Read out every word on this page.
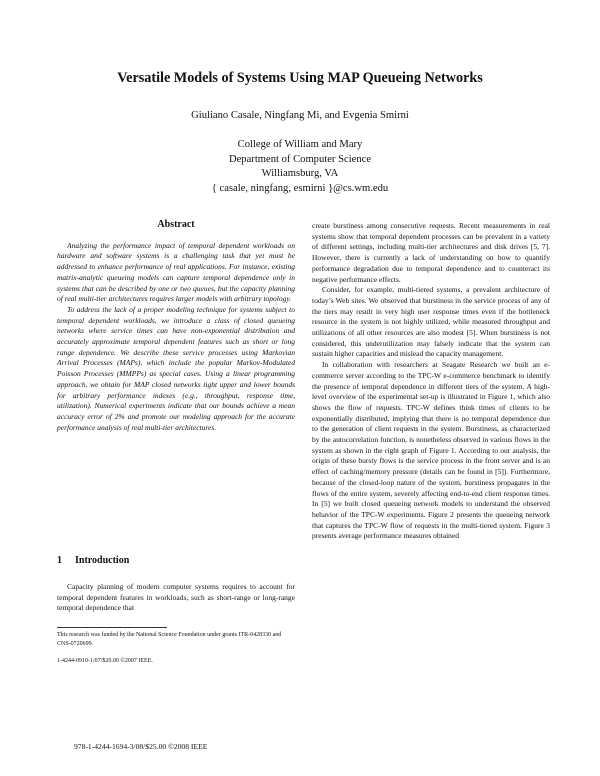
Versatile Models of Systems Using MAP Queueing Networks
Giuliano Casale, Ningfang Mi, and Evgenia Smirni
College of William and Mary
Department of Computer Science
Williamsburg, VA
{ casale, ningfang, esmirni }@cs.wm.edu
Abstract

Analyzing the performance impact of temporal dependent workloads on hardware and software systems is a challenging task that yet must be addressed to enhance performance of real applications. For instance, existing matrix-analytic queueing models can capture temporal dependence only in systems that can be described by one or two queues, but the capacity planning of real multi-tier architectures requires larger models with arbitrary topology.

To address the lack of a proper modeling technique for systems subject to temporal dependent workloads, we introduce a class of closed queueing networks where service times can have non-exponential distribution and accurately approximate temporal dependent features such as short or long range dependence. We describe these service processes using Markovian Arrival Processes (MAPs), which include the popular Markov-Modulated Poisson Processes (MMPPs) as special cases. Using a linear programming approach, we obtain for MAP closed networks tight upper and lower bounds for arbitrary performance indexes (e.g., throughput, response time, utilization). Numerical experiments indicate that our bounds achieve a mean accuracy error of 2% and promote our modeling approach for the accurate performance analysis of real multi-tier architectures.

1 Introduction
Capacity planning of modern computer systems requires to account for temporal dependent features in workloads, such as short-range or long-range temporal dependence that
This research was funded by the National Science Foundation under grants ITR-0428330 and CNS-0720699.
1-4244-0910-1/07/$20.00 ©2007 IEEE.

create burstiness among consecutive requests. Recent measurements in real systems show that temporal dependent processes can be prevalent in a variety of different settings, including multi-tier architectures and disk drives [5, 7]. However, there is currently a lack of understanding on how to quantify performance degradation due to temporal dependence and to counteract its negative performance effects.

Consider, for example, multi-tiered systems, a prevalent architecture of today’s Web sites. We observed that burstiness in the service process of any of the tiers may result in very high user response times even if the bottleneck resource in the system is not highly utilized, while measured throughput and utilizations of all other resources are also modest [5]. When burstiness is not considered, this underutilization may falsely indicate that the system can sustain higher capacities and mislead the capacity management.

In collaboration with researchers at Seagate Research we built an e-commerce server according to the TPC-W e-commerce benchmark to identify the presence of temporal dependence in different tiers of the system. A high-level overview of the experimental set-up is illustrated in Figure 1, which also shows the flow of requests. TPC-W defines think times of clients to be exponentially distributed, implying that there is no temporal dependence due to the generation of client requests in the system. Burstiness, as characterized by the autocorrelation function, is nonetheless observed in various flows in the system as shown in the right graph of Figure 1. According to our analysis, the origin of these bursty flows is the service process in the front server and is an effect of caching/memory pressure (details can be found in [5]). Furthermore, because of the closed-loop nature of the system, burstiness propagates in the flows of the entire system, severely affecting end-to-end client response times. In [5] we built closed queueing network models to understand the observed behavior of the TPC-W experiments. Figure 2 presents the queueing network that captures the TPC-W flow of requests in the multi-tiered system. Figure 3 presents average performance measures obtained

978-1-4244-1694-3/08/$25.00 ©2008 IEEE
